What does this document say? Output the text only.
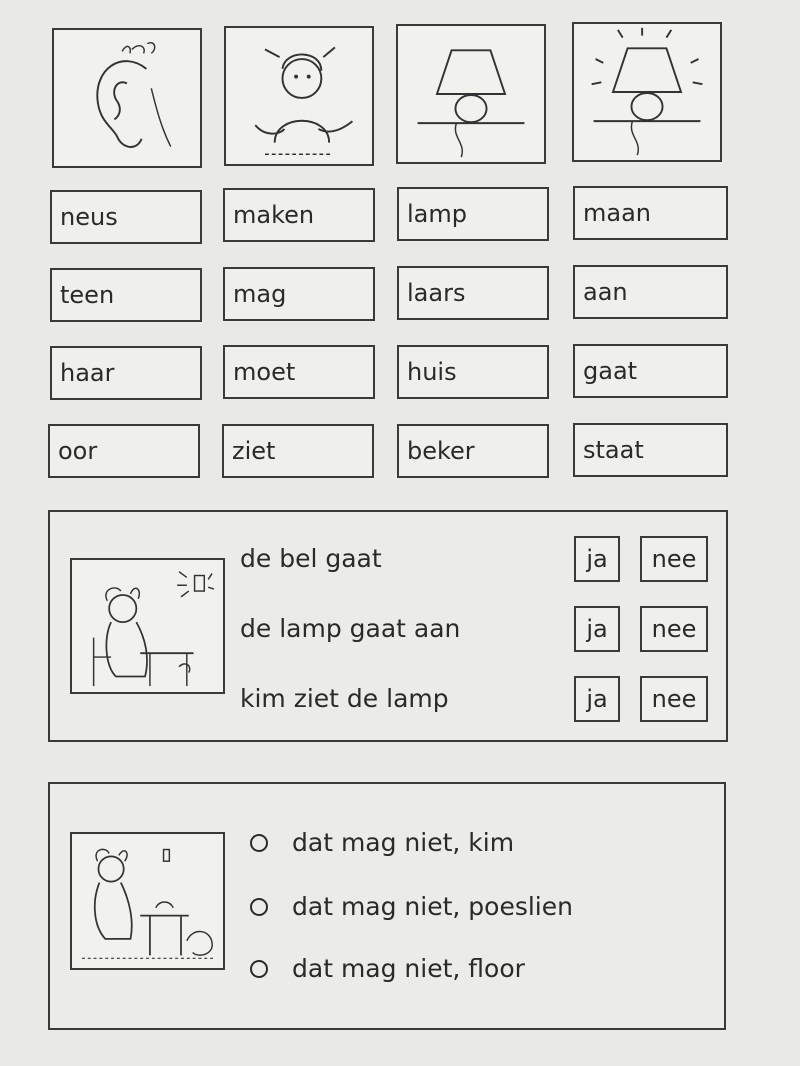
neus	maken	lamp	maan
teen	mag	laars	aan
haar	moet	huis	gaat
oor	ziet	beker	staat
de bel gaat	ja	nee
de lamp gaat aan	ja	nee
kim ziet de lamp	ja	nee
dat mag niet, kim
dat mag niet, poeslien
dat mag niet, floor
